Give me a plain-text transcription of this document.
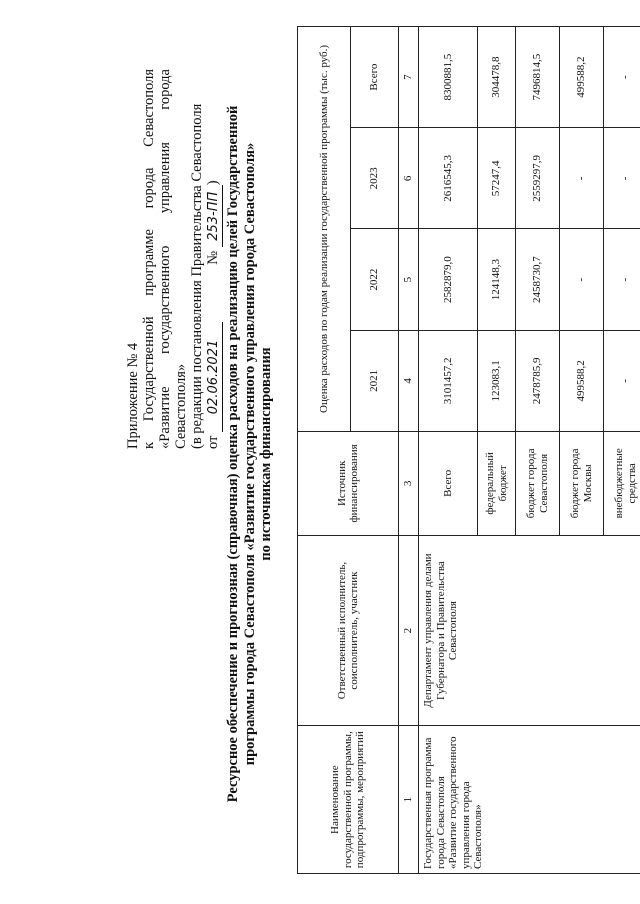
Приложение № 4 к Государственной программе города Севастополя «Развитие государственного управления города Севастополя» (в редакции постановления Правительства Севастополя от 02.06.2021  № 253-ПП) Ресурсное обеспечение и прогнозная (справочная) оценка расходов на реализацию целей Государственной программы города Севастополя «Развитие государственного управления города Севастополя» по источникам финансирования
Наименование государственной программы, подпрограммы, мероприятий	Ответственный исполнитель, соисполнитель, участник	Источник финансирования	Оценка расходов по годам реализации государственной программы (тыс. руб.)			
			2021	2022	2023	Всего
1	2	3	4	5	6	7
Государственная программа города Севастополя «Развитие государственного управления города Севастополя»	Департамент управления делами Губернатора и Правительства Севастополя	Всего	3101457,2	2582879,0	2616545,3	8300881,5
		федеральный бюджет	123083,1	124148,3	57247,4	304478,8
		бюджет города Севастополя	2478785,9	2458730,7	2559297,9	7496814,5
		бюджет города Москвы	499588,2	-	-	499588,2
		внебюджетные средства	-	-	-	-
